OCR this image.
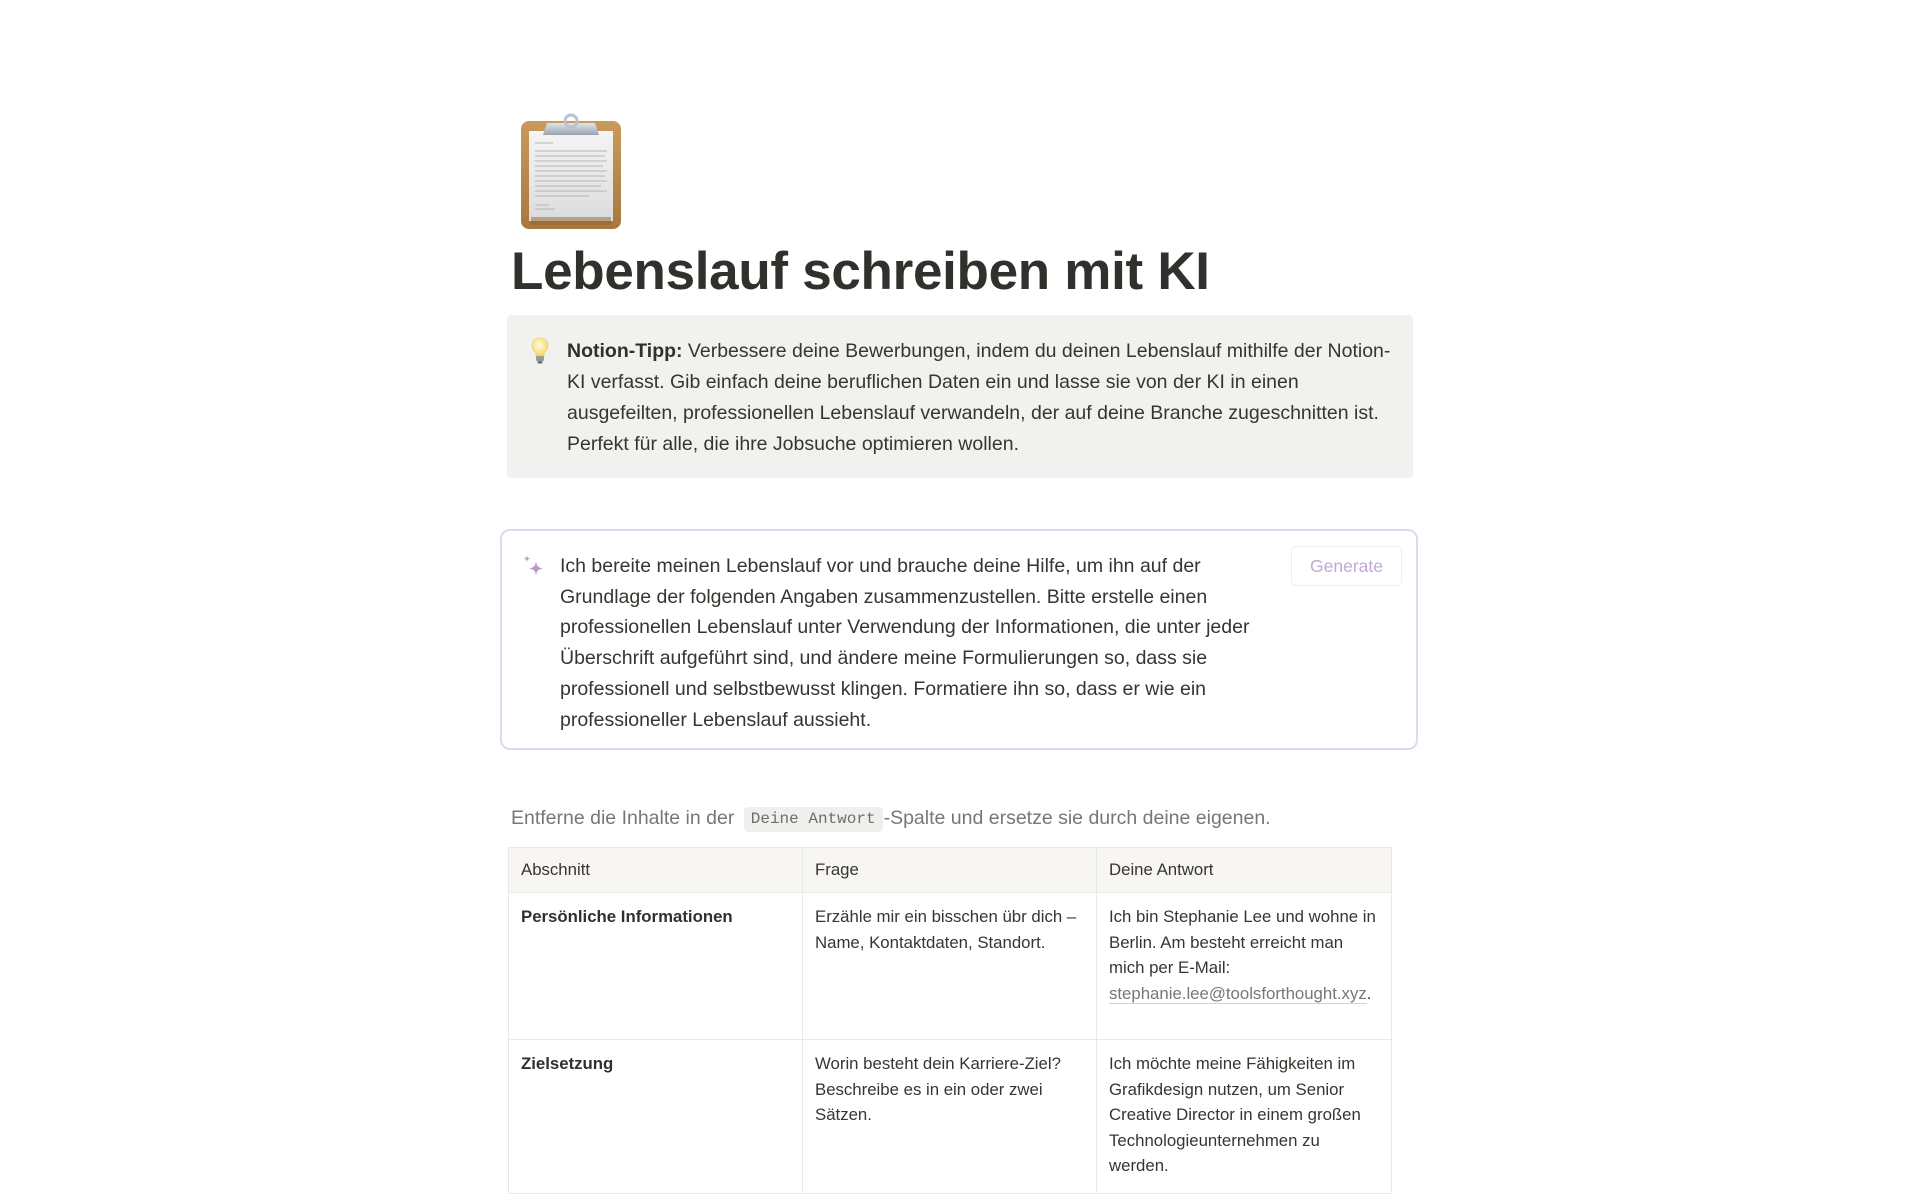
Lebenslauf schreiben mit KI
Notion-Tipp: Verbessere deine Bewerbungen, indem du deinen Lebenslauf mithilfe der Notion-KI verfasst. Gib einfach deine beruflichen Daten ein und lasse sie von der KI in einen ausgefeilten, professionellen Lebenslauf verwandeln, der auf deine Branche zugeschnitten ist. Perfekt für alle, die ihre Jobsuche optimieren wollen.
Ich bereite meinen Lebenslauf vor und brauche deine Hilfe, um ihn auf der Grundlage der folgenden Angaben zusammenzustellen. Bitte erstelle einen professionellen Lebenslauf unter Verwendung der Informationen, die unter jeder Überschrift aufgeführt sind, und ändere meine Formulierungen so, dass sie professionell und selbstbewusst klingen. Formatiere ihn so, dass er wie ein professioneller Lebenslauf aussieht.
Generate

Entferne die Inhalte in der Deine Antwort -Spalte und ersetze sie durch deine eigenen.

Abschnitt	Frage	Deine Antwort
Persönliche Informationen	Erzähle mir ein bisschen übr dich – Name, Kontaktdaten, Standort.	Ich bin Stephanie Lee und wohne in Berlin. Am besteht erreicht man mich per E-Mail: stephanie.lee@toolsforthought.xyz.
Zielsetzung	Worin besteht dein Karriere-Ziel? Beschreibe es in ein oder zwei Sätzen.	Ich möchte meine Fähigkeiten im Grafikdesign nutzen, um Senior Creative Director in einem großen Technologieunternehmen zu werden.
